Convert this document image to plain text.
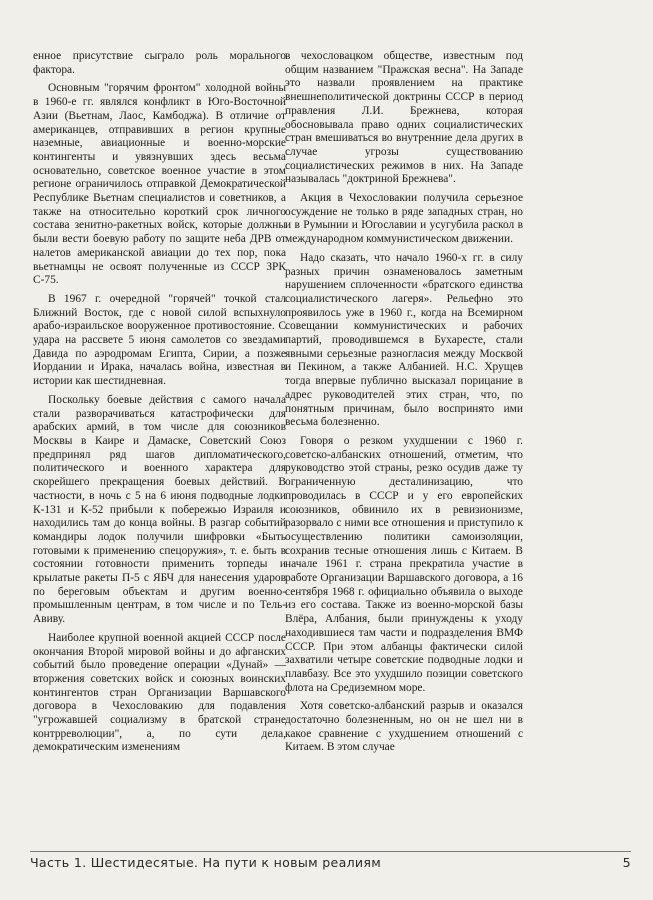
енное присутствие сыграло роль морального фактора.

Основным "горячим фронтом" холодной войны в 1960-е гг. являлся конфликт в Юго-Восточной Азии (Вьетнам, Лаос, Камбоджа). В отличие от американцев, отправивших в регион крупные наземные, авиационные и военно-морские контингенты и увязнувших здесь весьма основательно, советское военное участие в этом регионе ограничилось отправкой Демократической Республике Вьетнам специалистов и советников, а также на относительно короткий срок личного состава зенитно-ракетных войск, которые должны были вести боевую работу по защите неба ДРВ от налетов американской авиации до тех пор, пока вьетнамцы не освоят полученные из СССР ЗРК С-75.

В 1967 г. очередной "горячей" точкой стал Ближний Восток, где с новой силой вспыхнуло арабо-израильское вооруженное противостояние. С удара на рассвете 5 июня самолетов со звездами Давида по аэродромам Египта, Сирии, а позже Иордании и Ирака, началась война, известная в истории как шестидневная.

Поскольку боевые действия с самого начала стали разворачиваться катастрофически для арабских армий, в том числе для союзников Москвы в Каире и Дамаске, Советский Союз предпринял ряд шагов дипломатического, политического и военного характера для скорейшего прекращения боевых действий. В частности, в ночь с 5 на 6 июня подводные лодки К-131 и К-52 прибыли к побережью Израиля и находились там до конца войны. В разгар событий командиры лодок получили шифровки «Быть готовыми к применению спецоружия», т. е. быть в состоянии готовности применить торпеды и крылатые ракеты П-5 с ЯБЧ для нанесения ударов по береговым объектам и другим военно-промышленным центрам, в том числе и по Тель-Авиву.

Наиболее крупной военной акцией СССР после окончания Второй мировой войны и до афганских событий было проведение операции «Дунай» — вторжения советских войск и союзных воинских контингентов стран Организации Варшавского договора в Чехословакию для подавления "угрожавшей социализму в братской стране контрреволюции", а, по сути дела, демократическим изменениям

в чехословацком обществе, известным под общим названием "Пражская весна". На Западе это назвали проявлением на практике внешнеполитической доктрины СССР в период правления Л.И. Брежнева, которая обосновывала право одних социалистических стран вмешиваться во внутренние дела других в случае угрозы существованию социалистических режимов в них. На Западе называлась "доктриной Брежнева".

Акция в Чехословакии получила серьезное осуждение не только в ряде западных стран, но и в Румынии и Югославии и усугубила раскол в международном коммунистическом движении.

Надо сказать, что начало 1960-х гг. в силу разных причин ознаменовалось заметным нарушением сплоченности «братского единства социалистического лагеря». Рельефно это проявилось уже в 1960 г., когда на Всемирном совещании коммунистических и рабочих партий, проводившемся в Бухаресте, стали явными серьезные разногласия между Москвой и Пекином, а также Албанией. Н.С. Хрущев тогда впервые публично высказал порицание в адрес руководителей этих стран, что, по понятным причинам, было воспринято ими весьма болезненно.

Говоря о резком ухудшении с 1960 г. советско-албанских отношений, отметим, что руководство этой страны, резко осудив даже ту ограниченную десталинизацию, что проводилась в СССР и у его европейских союзников, обвинило их в ревизионизме, разорвало с ними все отношения и приступило к осуществлению политики самоизоляции, сохранив тесные отношения лишь с Китаем. В начале 1961 г. страна прекратила участие в работе Организации Варшавского договора, а 16 сентября 1968 г. официально объявила о выходе из его состава. Также из военно-морской базы Влёра, Албания, были принуждены к уходу находившиеся там части и подразделения ВМФ СССР. При этом албанцы фактически силой захватили четыре советские подводные лодки и плавбазу. Все это ухудшило позиции советского флота на Средиземном море.

Хотя советско-албанский разрыв и оказался достаточно болезненным, но он не шел ни в какое сравнение с ухудшением отношений с Китаем. В этом случае

Часть 1. Шестидесятые. На пути к новым реалиям	5
